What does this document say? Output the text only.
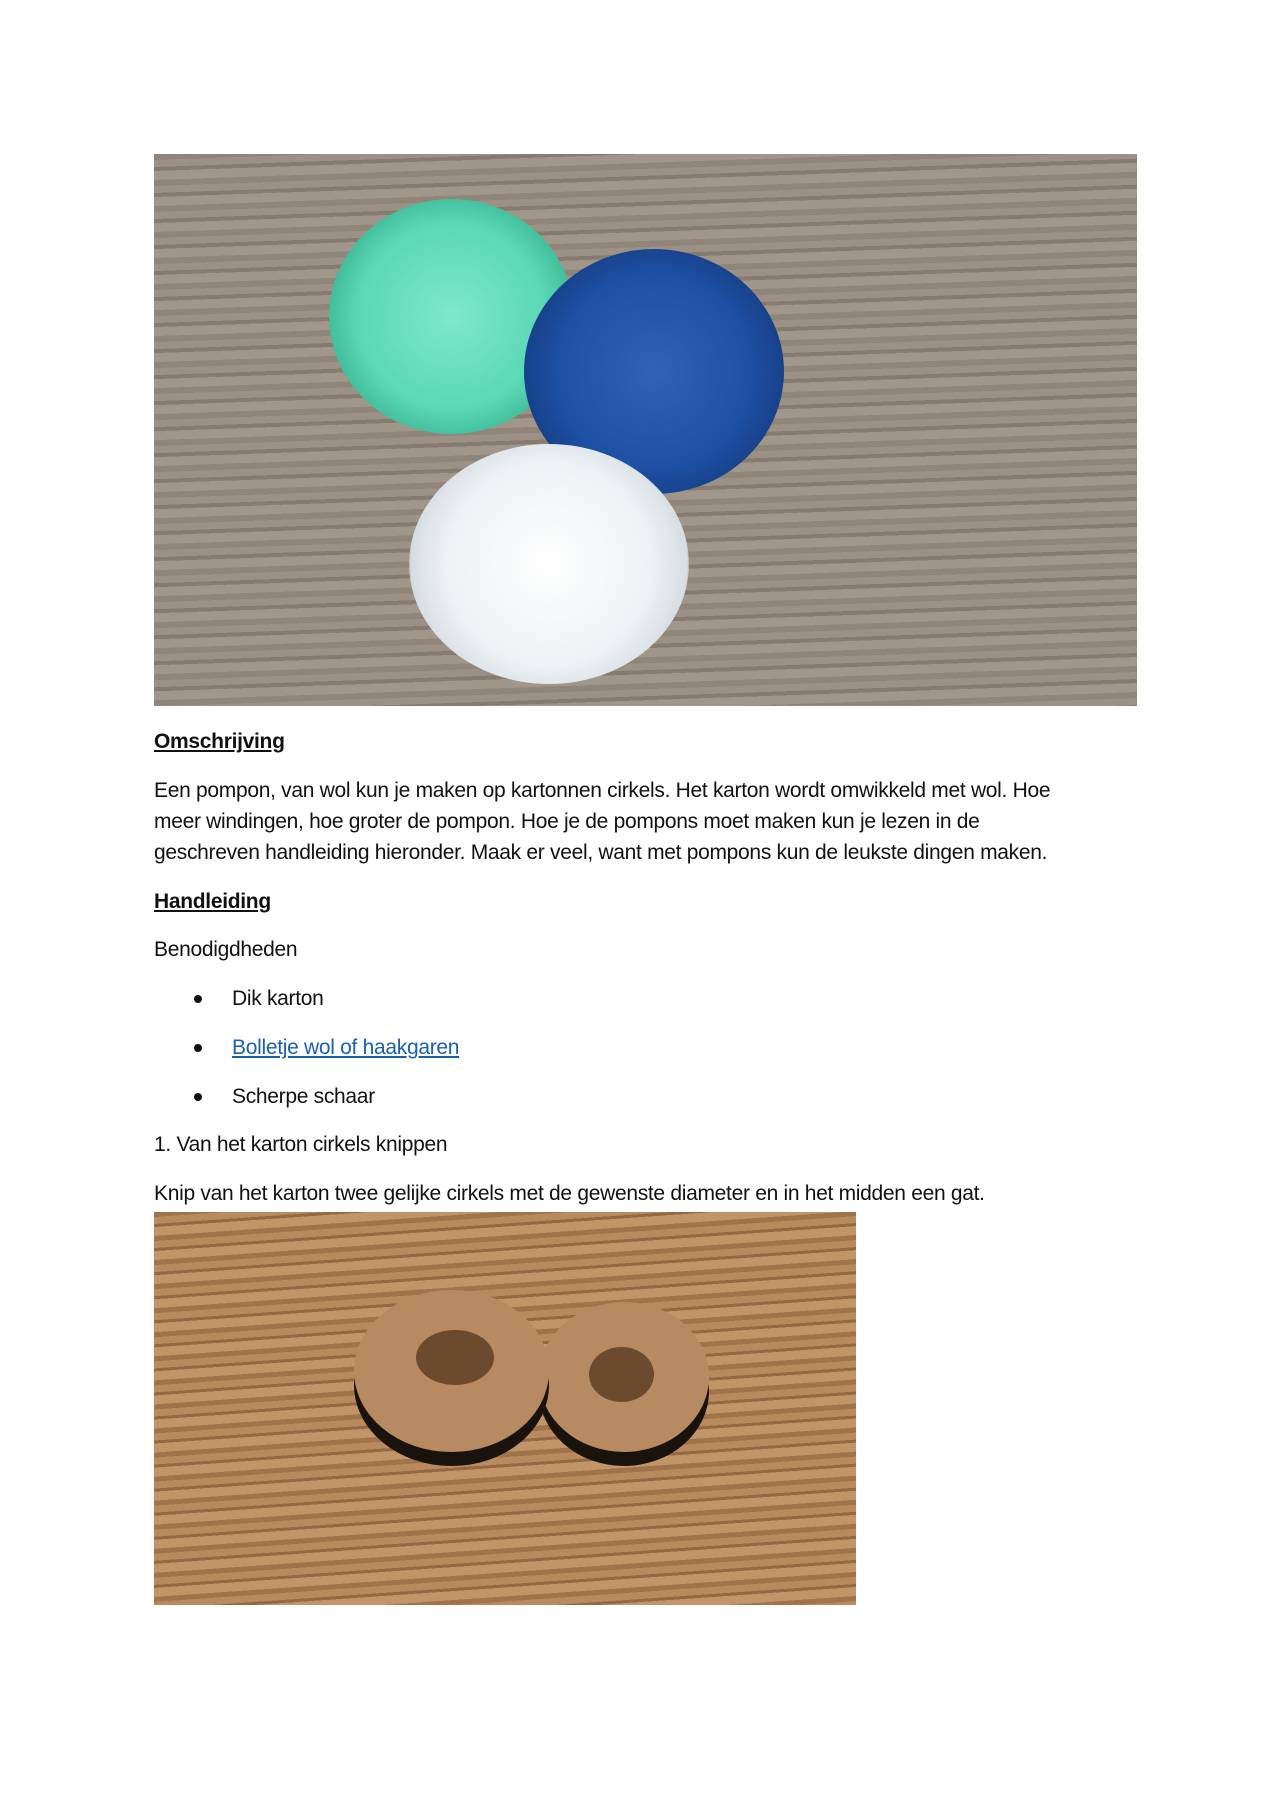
Omschrijving
Een pompon, van wol kun je maken op kartonnen cirkels. Het karton wordt omwikkeld met wol. Hoe
meer windingen, hoe groter de pompon. Hoe je de pompons moet maken kun je lezen in de
geschreven handleiding hieronder. Maak er veel, want met pompons kun de leukste dingen maken.
Handleiding
Benodigdheden
Dik karton
Bolletje wol of haakgaren
Scherpe schaar
1. Van het karton cirkels knippen
Knip van het karton twee gelijke cirkels met de gewenste diameter en in het midden een gat.
